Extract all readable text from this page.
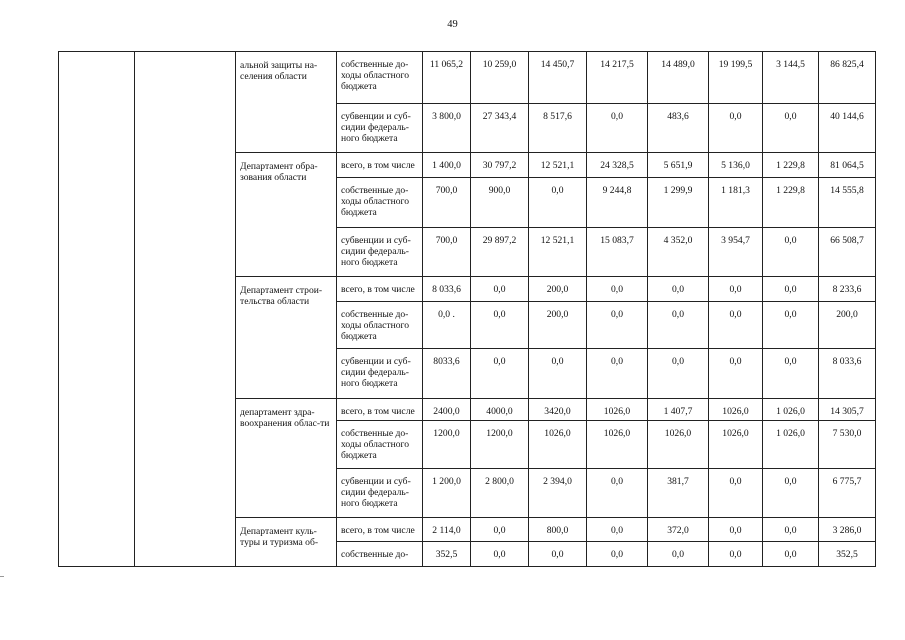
49
		альной защиты на-селения области	собственные до-ходы областного бюджета	11 065,2	10 259,0	14 450,7	14 217,5	14 489,0	19 199,5	3 144,5	86 825,4
			субвенции и суб-сидии федераль-ного бюджета	3 800,0	27 343,4	8 517,6	0,0	483,6	0,0	0,0	40 144,6
		Департамент обра-зования области	всего, в том числе	1 400,0	30 797,2	12 521,1	24 328,5	5 651,9	5 136,0	1 229,8	81 064,5
			собственные до-ходы областного бюджета	700,0	900,0	0,0	9 244,8	1 299,9	1 181,3	1 229,8	14 555,8
			субвенции и суб-сидии федераль-ного бюджета	700,0	29 897,2	12 521,1	15 083,7	4 352,0	3 954,7	0,0	66 508,7
		Департамент строи-тельства области	всего, в том числе	8 033,6	0,0	200,0	0,0	0,0	0,0	0,0	8 233,6
			собственные до-ходы областного бюджета	0,0 .	0,0	200,0	0,0	0,0	0,0	0,0	200,0
			субвенции и суб-сидии федераль-ного бюджета	8033,6	0,0	0,0	0,0	0,0	0,0	0,0	8 033,6
		департамент здра-воохранения облас-ти	всего, в том числе	2400,0	4000,0	3420,0	1026,0	1 407,7	1026,0	1 026,0	14 305,7
			собственные до-ходы областного бюджета	1200,0	1200,0	1026,0	1026,0	1026,0	1026,0	1 026,0	7 530,0
			субвенции и суб-сидии федераль-ного бюджета	1 200,0	2 800,0	2 394,0	0,0	381,7	0,0	0,0	6 775,7
		Департамент куль-туры и туризма об-	всего, в том числе	2 114,0	0,0	800,0	0,0	372,0	0,0	0,0	3 286,0
			собственные до-	352,5	0,0	0,0	0,0	0,0	0,0	0,0	352,5
